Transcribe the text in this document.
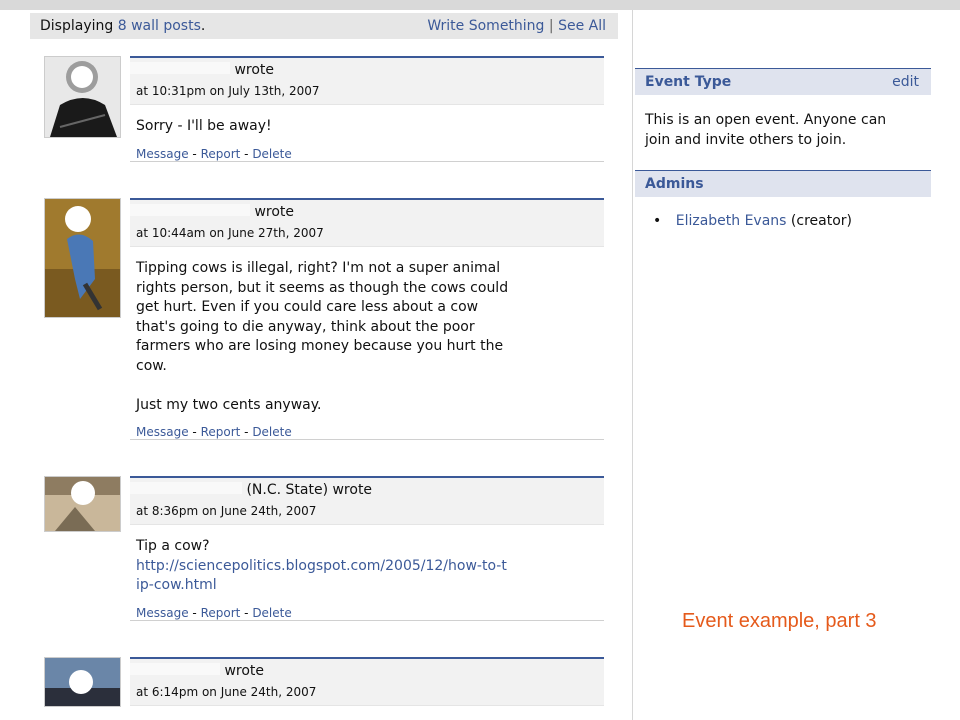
Displaying 8 wall posts.	Write Something | See All
wrote
at 10:31pm on July 13th, 2007
Sorry - I'll be away!
Message - Report - Delete
wrote
at 10:44am on June 27th, 2007
Tipping cows is illegal, right? I'm not a super animal
rights person, but it seems as though the cows could
get hurt. Even if you could care less about a cow
that's going to die anyway, think about the poor
farmers who are losing money because you hurt the
cow.
Just my two cents anyway.
Message - Report - Delete
(N.C. State) wrote
at 8:36pm on June 24th, 2007
Tip a cow?
http://sciencepolitics.blogspot.com/2005/12/how-to-t
ip-cow.html
Message - Report - Delete
wrote
at 6:14pm on June 24th, 2007
Event Type	edit
This is an open event. Anyone can join and invite others to join.
Admins
• Elizabeth Evans (creator)
Event example, part 3
